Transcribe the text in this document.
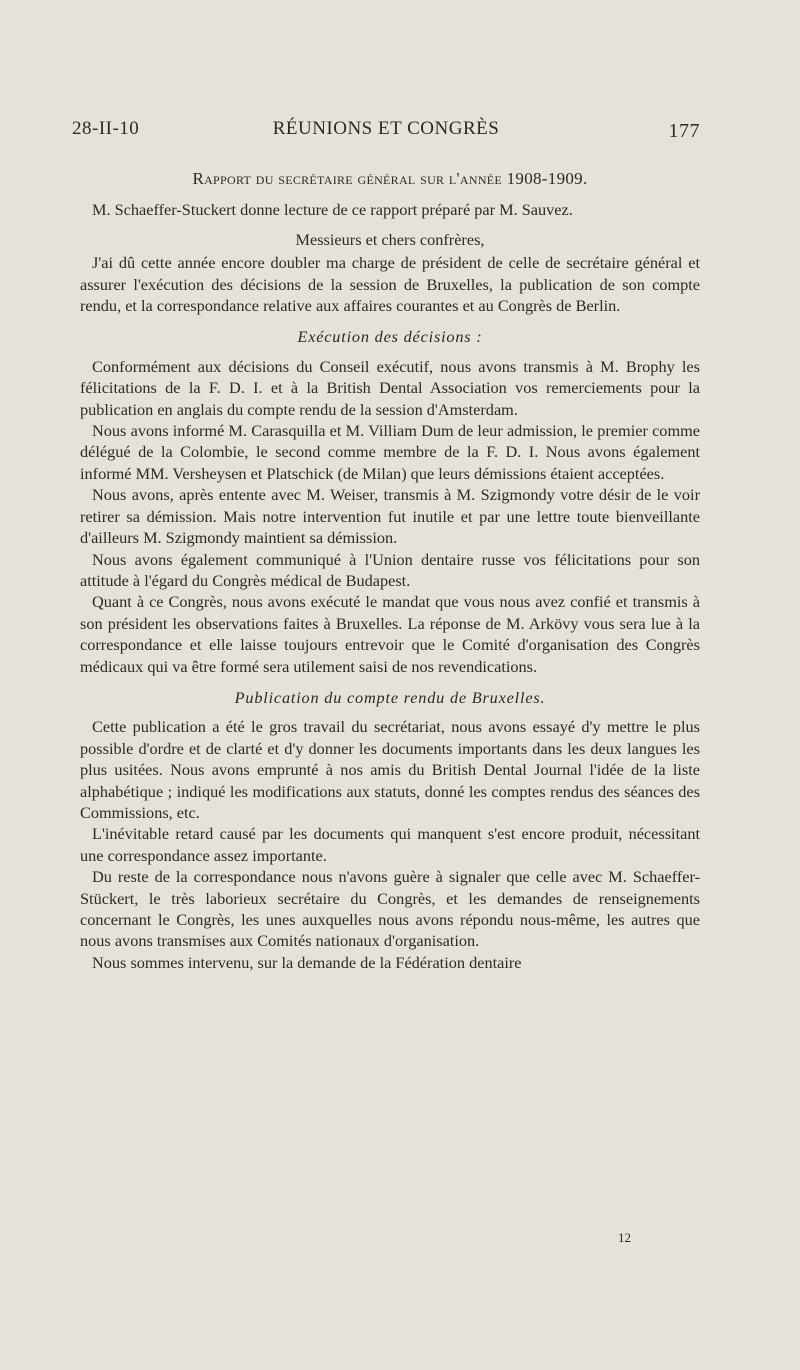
28-II-10	RÉUNIONS ET CONGRÈS	177

Rapport du secrétaire général sur l'année 1908-1909.

M. Schaeffer-Stuckert donne lecture de ce rapport préparé par M. Sauvez.

Messieurs et chers confrères,

J'ai dû cette année encore doubler ma charge de président de celle de secrétaire général et assurer l'exécution des décisions de la session de Bruxelles, la publication de son compte rendu, et la correspondance relative aux affaires courantes et au Congrès de Berlin.

Exécution des décisions :

Conformément aux décisions du Conseil exécutif, nous avons transmis à M. Brophy les félicitations de la F. D. I. et à la British Dental Association vos remerciements pour la publication en anglais du compte rendu de la session d'Amsterdam.

Nous avons informé M. Carasquilla et M. Villiam Dum de leur admission, le premier comme délégué de la Colombie, le second comme membre de la F. D. I. Nous avons également informé MM. Versheysen et Platschick (de Milan) que leurs démissions étaient acceptées.

Nous avons, après entente avec M. Weiser, transmis à M. Szigmondy votre désir de le voir retirer sa démission. Mais notre intervention fut inutile et par une lettre toute bienveillante d'ailleurs M. Szigmondy maintient sa démission.

Nous avons également communiqué à l'Union dentaire russe vos félicitations pour son attitude à l'égard du Congrès médical de Budapest.

Quant à ce Congrès, nous avons exécuté le mandat que vous nous avez confié et transmis à son président les observations faites à Bruxelles. La réponse de M. Arkövy vous sera lue à la correspondance et elle laisse toujours entrevoir que le Comité d'organisation des Congrès médicaux qui va être formé sera utilement saisi de nos revendications.

Publication du compte rendu de Bruxelles.

Cette publication a été le gros travail du secrétariat, nous avons essayé d'y mettre le plus possible d'ordre et de clarté et d'y donner les documents importants dans les deux langues les plus usitées. Nous avons emprunté à nos amis du British Dental Journal l'idée de la liste alphabétique ; indiqué les modifications aux statuts, donné les comptes rendus des séances des Commissions, etc.

L'inévitable retard causé par les documents qui manquent s'est encore produit, nécessitant une correspondance assez importante.

Du reste de la correspondance nous n'avons guère à signaler que celle avec M. Schaeffer-Stückert, le très laborieux secrétaire du Congrès, et les demandes de renseignements concernant le Congrès, les unes auxquelles nous avons répondu nous-même, les autres que nous avons transmises aux Comités nationaux d'organisation.

Nous sommes intervenu, sur la demande de la Fédération dentaire

12
